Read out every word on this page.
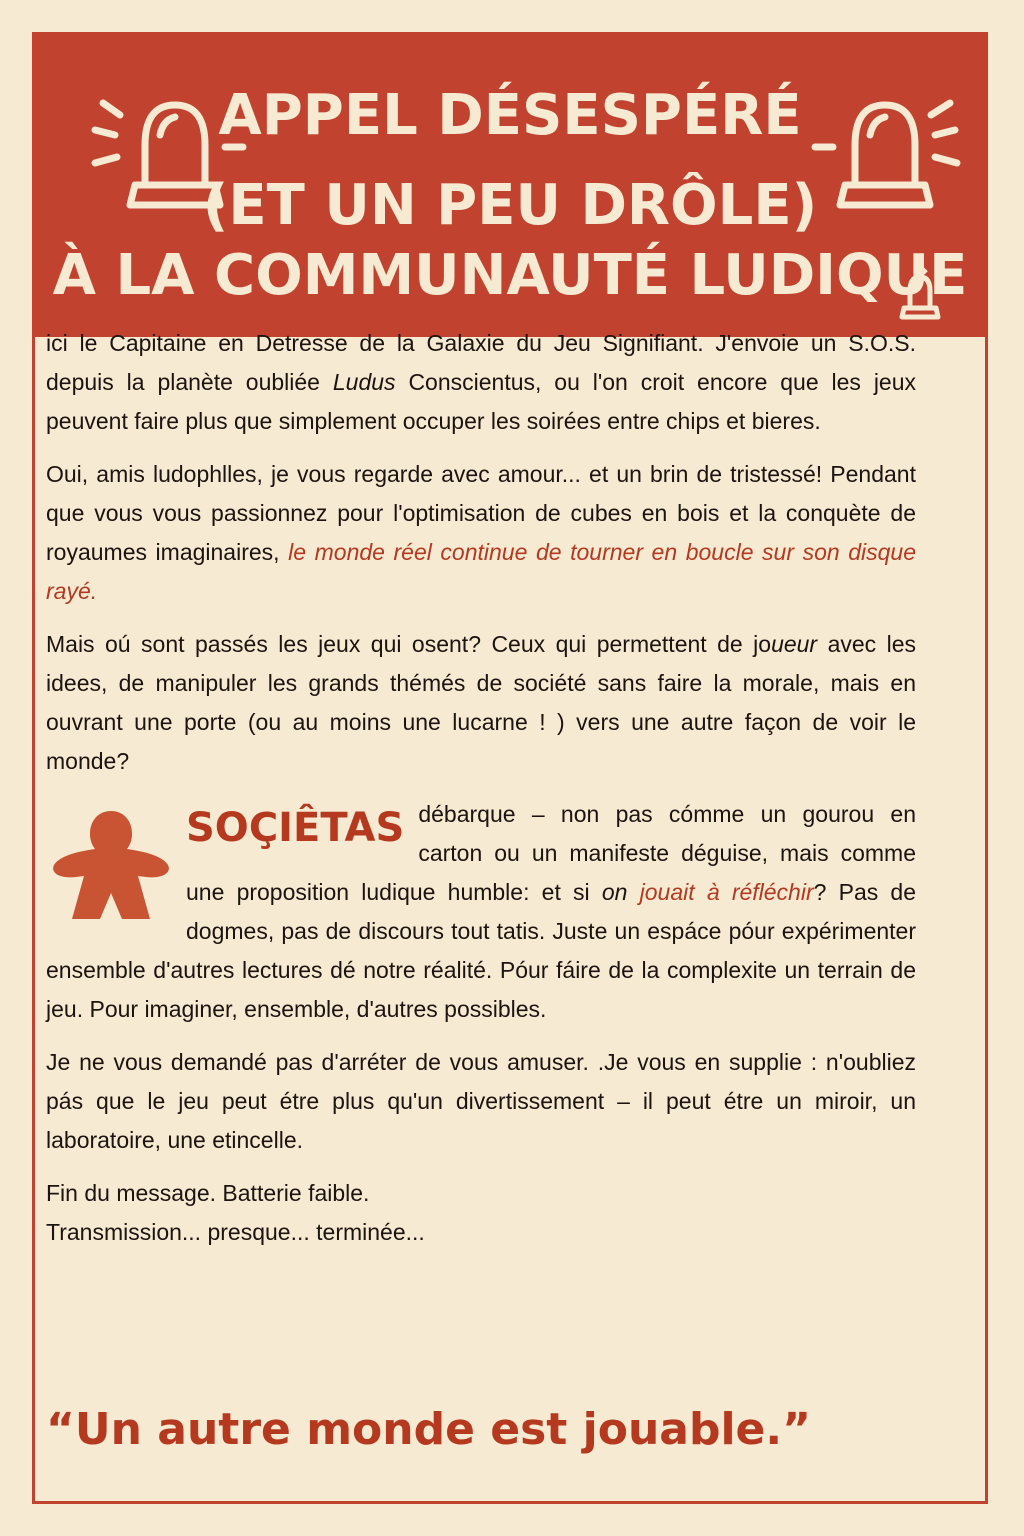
APPEL DÉSESPÉRÉ
(ET UN PEU DRÔLE)
À LA COMMUNAUTÉ LUDIQUE

ici le Capitaine en Detresse de la Galaxie du Jeu Signifiant. J'envoie un S.O.S. depuis la planète oubliée Ludus Conscientus, ou l'on croit encore que les jeux peuvent faire plus que simplement occuper les soirées entre chips et bieres.

Oui, amis ludophlles, je vous regarde avec amour... et un brin de tristessé! Pendant que vous vous passionnez pour l'optimisation de cubes en bois et la conquète de royaumes imaginaires, le monde réel continue de tourner en boucle sur son disque rayé.

Mais oú sont passés les jeux qui osent? Ceux qui permettent de joueur avec les idees, de manipuler les grands thémés de société sans faire la morale, mais en ouvrant une porte (ou au moins une lucarne ! ) vers une autre façon de voir le monde?

SOÇIÊTAS débarque – non pas cómme un gourou en carton ou un manifeste déguise, mais comme une proposition ludique humble: et si on jouait à réfléchir? Pas de dogmes, pas de discours tout tatis. Juste un espáce póur expérimenter ensemble d'autres lectures dé notre réalité. Póur fáire de la complexite un terrain de jeu. Pour imaginer, ensemble, d'autres possibles.

Je ne vous demandé pas d'arréter de vous amuser. .Je vous en supplie : n'oubliez pás que le jeu peut étre plus qu'un divertissement – il peut étre un miroir, un laboratoire, une etincelle.

Fin du message. Batterie faible.

Transmission... presque... terminée...

“Un autre monde est jouable.”
